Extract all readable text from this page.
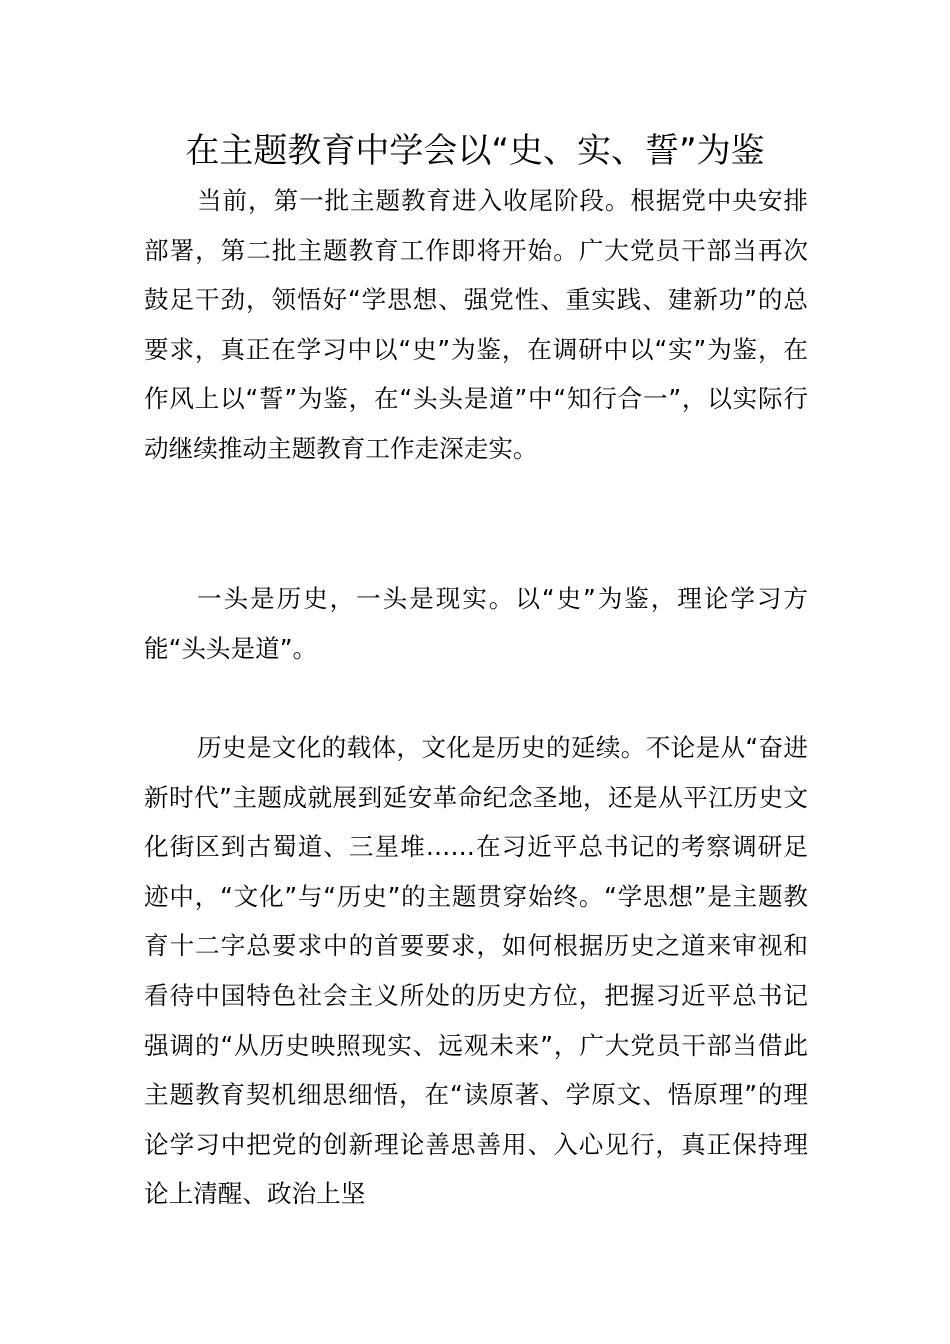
在主题教育中学会以“史、实、誓”为鉴

当前，第一批主题教育进入收尾阶段。根据党中央安排部署，第二批主题教育工作即将开始。广大党员干部当再次鼓足干劲，领悟好“学思想、强党性、重实践、建新功”的总要求，真正在学习中以“史”为鉴，在调研中以“实”为鉴，在作风上以“誓”为鉴，在“头头是道”中“知行合一”，以实际行动继续推动主题教育工作走深走实。

一头是历史，一头是现实。以“史”为鉴，理论学习方能“头头是道”。

历史是文化的载体，文化是历史的延续。不论是从“奋进新时代”主题成就展到延安革命纪念圣地，还是从平江历史文化街区到古蜀道、三星堆……在习近平总书记的考察调研足迹中，“文化”与“历史”的主题贯穿始终。“学思想”是主题教育十二字总要求中的首要要求，如何根据历史之道来审视和看待中国特色社会主义所处的历史方位，把握习近平总书记强调的“从历史映照现实、远观未来”，广大党员干部当借此主题教育契机细思细悟，在“读原著、学原文、悟原理”的理论学习中把党的创新理论善思善用、入心见行，真正保持理论上清醒、政治上坚
